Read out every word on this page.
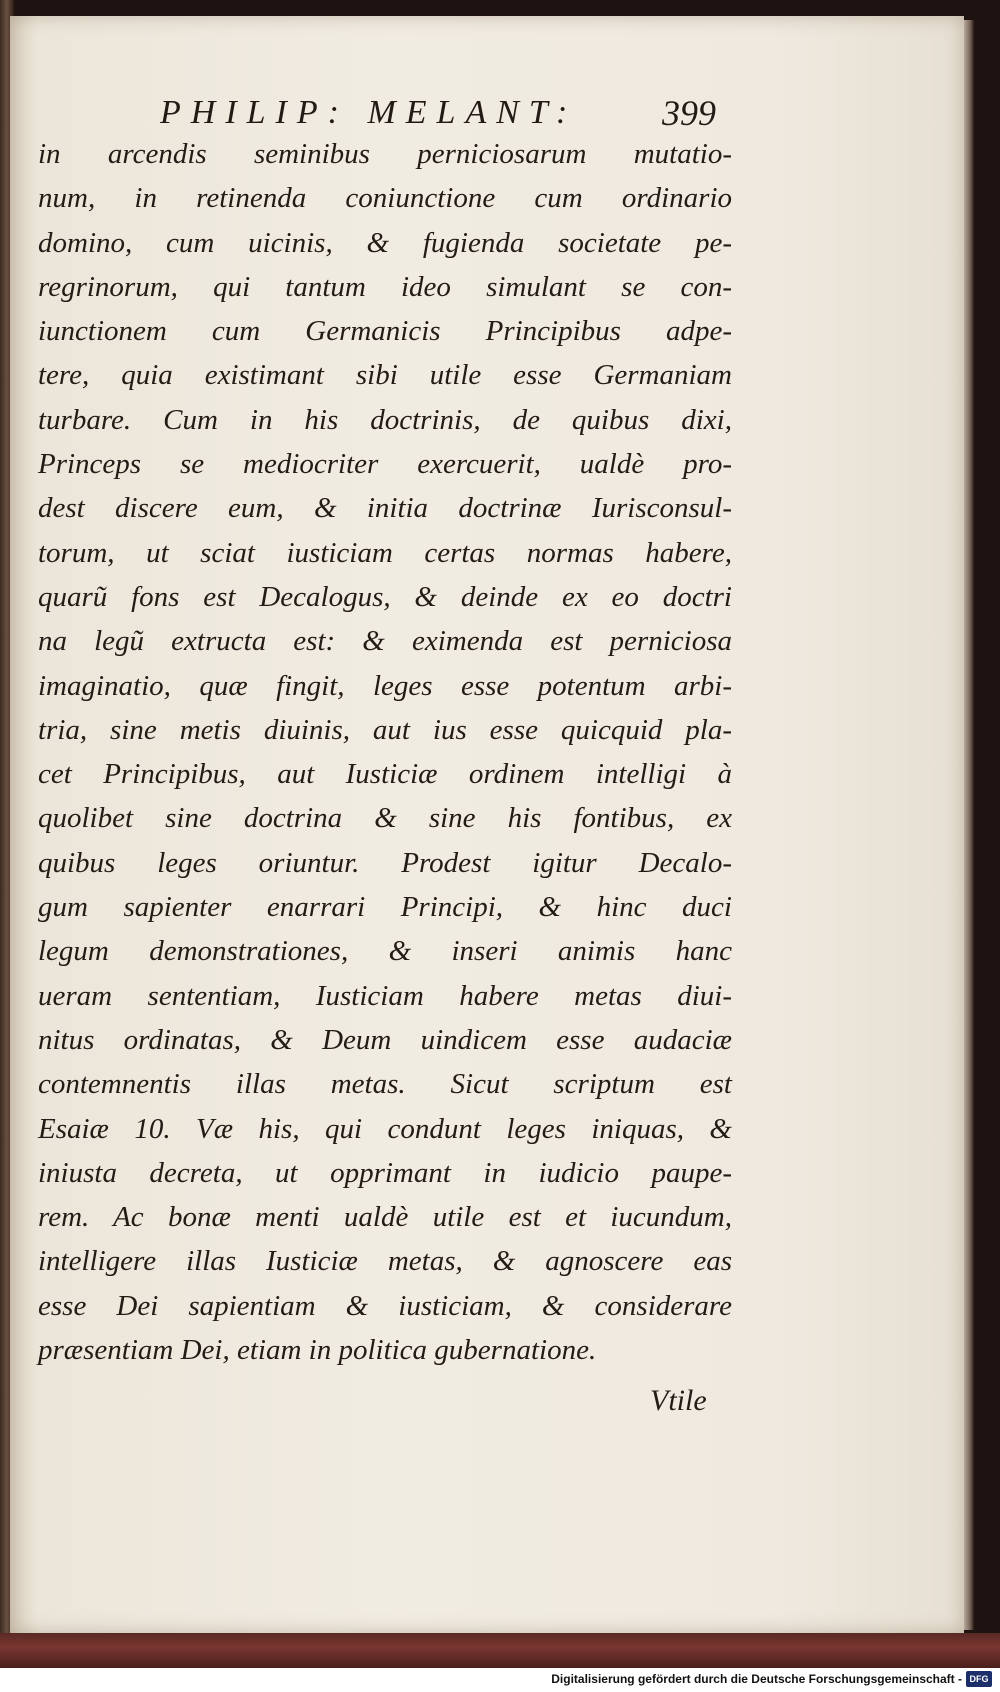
PHILIP: MELANT: 399
in arcendis seminibus perniciosarum mutatio-
num, in retinenda coniunctione cum ordinario
domino, cum uicinis, & fugienda societate pe-
regrinorum, qui tantum ideo simulant se con-
iunctionem cum Germanicis Principibus adpe-
tere, quia existimant sibi utile esse Germaniam
turbare. Cum in his doctrinis, de quibus dixi,
Princeps se mediocriter exercuerit, ualdè pro-
dest discere eum, & initia doctrinæ Iurisconsul-
torum, ut sciat iusticiam certas normas habere,
quarũ fons est Decalogus, & deinde ex eo doctri
na legũ extructa est: & eximenda est perniciosa
imaginatio, quæ fingit, leges esse potentum arbi-
tria, sine metis diuinis, aut ius esse quicquid pla-
cet Principibus, aut Iusticiæ ordinem intelligi à
quolibet sine doctrina & sine his fontibus, ex
quibus leges oriuntur. Prodest igitur Decalo-
gum sapienter enarrari Principi, & hinc duci
legum demonstrationes, & inseri animis hanc
ueram sententiam, Iusticiam habere metas diui-
nitus ordinatas, & Deum uindicem esse audaciæ
contemnentis illas metas. Sicut scriptum est
Esaiæ 10. Væ his, qui condunt leges iniquas, &
iniusta decreta, ut opprimant in iudicio paupe-
rem. Ac bonæ menti ualdè utile est et iucundum,
intelligere illas Iusticiæ metas, & agnoscere eas
esse Dei sapientiam & iusticiam, & considerare
præsentiam Dei, etiam in politica gubernatione.
Vtile
Digitalisierung gefördert durch die Deutsche Forschungsgemeinschaft - DFG
